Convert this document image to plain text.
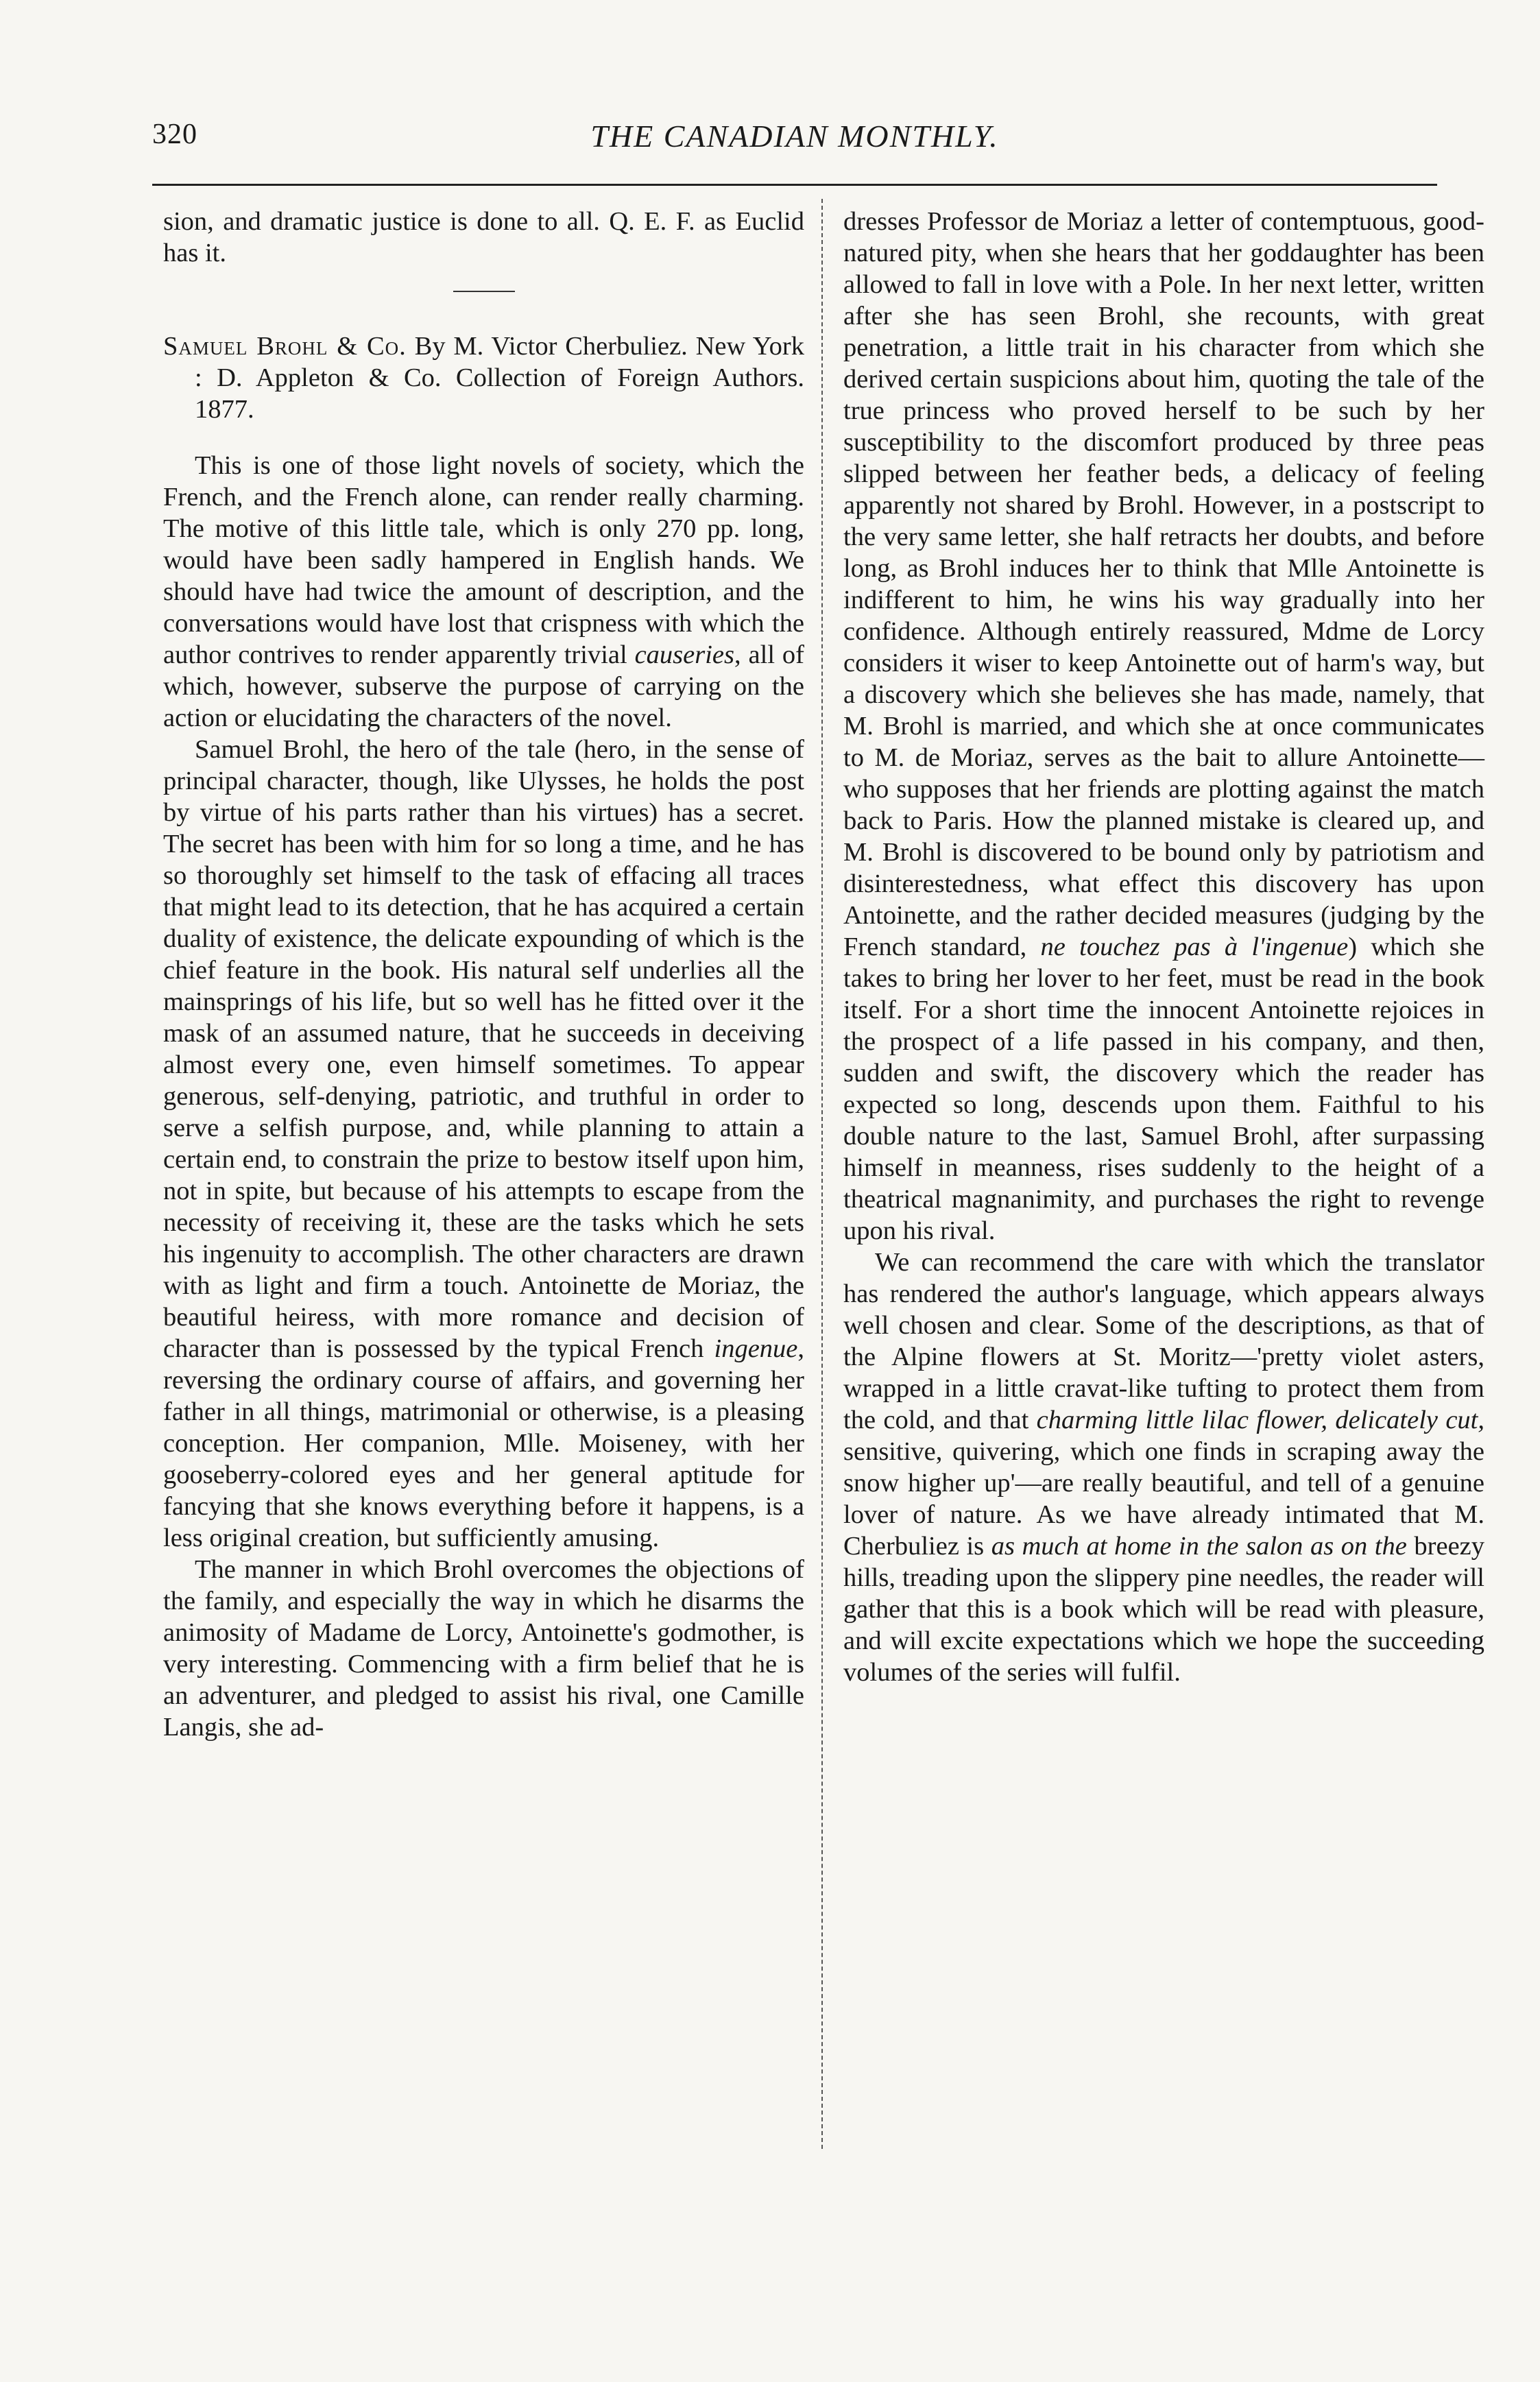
320	THE CANADIAN MONTHLY.

sion, and dramatic justice is done to all. Q. E. F. as Euclid has it.

Samuel Brohl & Co. By M. Victor Cherbuliez. New York : D. Appleton & Co. Collection of Foreign Authors. 1877.

This is one of those light novels of society, which the French, and the French alone, can render really charming. The motive of this little tale, which is only 270 pp. long, would have been sadly hampered in English hands. We should have had twice the amount of description, and the conversations would have lost that crispness with which the author contrives to render apparently trivial causeries, all of which, however, subserve the purpose of carrying on the action or elucidating the characters of the novel.

Samuel Brohl, the hero of the tale (hero, in the sense of principal character, though, like Ulysses, he holds the post by virtue of his parts rather than his virtues) has a secret. The secret has been with him for so long a time, and he has so thoroughly set himself to the task of effacing all traces that might lead to its detection, that he has acquired a certain duality of existence, the delicate expounding of which is the chief feature in the book. His natural self underlies all the mainsprings of his life, but so well has he fitted over it the mask of an assumed nature, that he succeeds in deceiving almost every one, even himself sometimes. To appear generous, self-denying, patriotic, and truthful in order to serve a selfish purpose, and, while planning to attain a certain end, to constrain the prize to bestow itself upon him, not in spite, but because of his attempts to escape from the necessity of receiving it, these are the tasks which he sets his ingenuity to accomplish. The other characters are drawn with as light and firm a touch. Antoinette de Moriaz, the beautiful heiress, with more romance and decision of character than is possessed by the typical French ingenue, reversing the ordinary course of affairs, and governing her father in all things, matrimonial or otherwise, is a pleasing conception. Her companion, Mlle. Moiseney, with her gooseberry-colored eyes and her general aptitude for fancying that she knows everything before it happens, is a less original creation, but sufficiently amusing.

The manner in which Brohl overcomes the objections of the family, and especially the way in which he disarms the animosity of Madame de Lorcy, Antoinette's godmother, is very interesting. Commencing with a firm belief that he is an adventurer, and pledged to assist his rival, one Camille Langis, she ad-

dresses Professor de Moriaz a letter of contemptuous, good-natured pity, when she hears that her goddaughter has been allowed to fall in love with a Pole. In her next letter, written after she has seen Brohl, she recounts, with great penetration, a little trait in his character from which she derived certain suspicions about him, quoting the tale of the true princess who proved herself to be such by her susceptibility to the discomfort produced by three peas slipped between her feather beds, a delicacy of feeling apparently not shared by Brohl. However, in a postscript to the very same letter, she half retracts her doubts, and before long, as Brohl induces her to think that Mlle Antoinette is indifferent to him, he wins his way gradually into her confidence. Although entirely reassured, Mdme de Lorcy considers it wiser to keep Antoinette out of harm's way, but a discovery which she believes she has made, namely, that M. Brohl is married, and which she at once communicates to M. de Moriaz, serves as the bait to allure Antoinette—who supposes that her friends are plotting against the match back to Paris. How the planned mistake is cleared up, and M. Brohl is discovered to be bound only by patriotism and disinterestedness, what effect this discovery has upon Antoinette, and the rather decided measures (judging by the French standard, ne touchez pas à l'ingenue) which she takes to bring her lover to her feet, must be read in the book itself. For a short time the innocent Antoinette rejoices in the prospect of a life passed in his company, and then, sudden and swift, the discovery which the reader has expected so long, descends upon them. Faithful to his double nature to the last, Samuel Brohl, after surpassing himself in meanness, rises suddenly to the height of a theatrical magnanimity, and purchases the right to revenge upon his rival.

We can recommend the care with which the translator has rendered the author's language, which appears always well chosen and clear. Some of the descriptions, as that of the Alpine flowers at St. Moritz—'pretty violet asters, wrapped in a little cravat-like tufting to protect them from the cold, and that charming little lilac flower, delicately cut, sensitive, quivering, which one finds in scraping away the snow higher up'—are really beautiful, and tell of a genuine lover of nature. As we have already intimated that M. Cherbuliez is as much at home in the salon as on the breezy hills, treading upon the slippery pine needles, the reader will gather that this is a book which will be read with pleasure, and will excite expectations which we hope the succeeding volumes of the series will fulfil.
